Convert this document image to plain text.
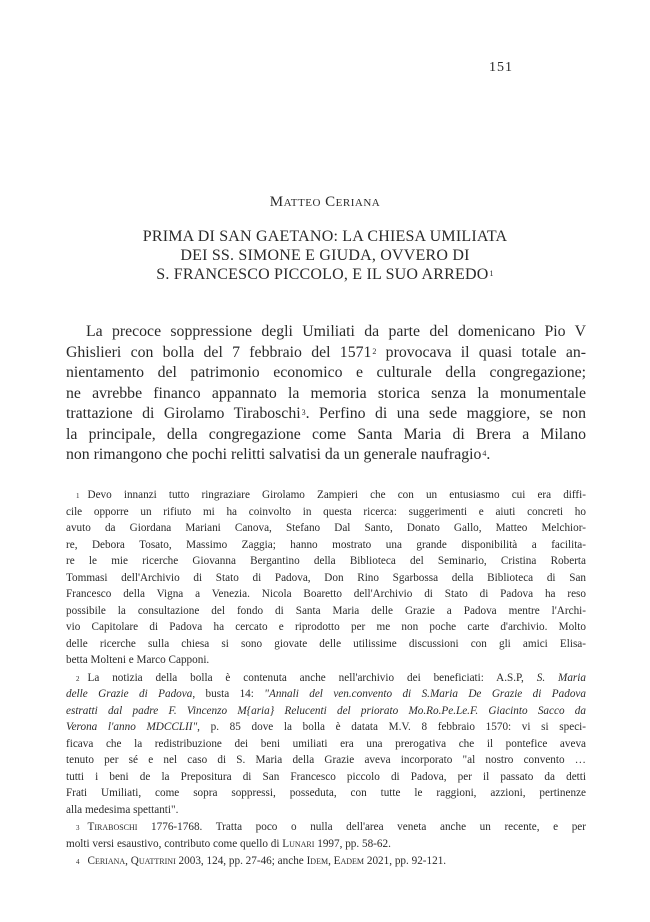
151
Matteo Ceriana
PRIMA DI SAN GAETANO: LA CHIESA UMILIATA
DEI SS. SIMONE E GIUDA, OVVERO DI
S. FRANCESCO PICCOLO, E IL SUO ARREDO$^1$
La precoce soppressione degli Umiliati da parte del domenicano Pio V
Ghislieri con bolla del 7 febbraio del 1571$^2$ provocava il quasi totale an-
nientamento del patrimonio economico e culturale della congregazione;
ne avrebbe financo appannato la memoria storica senza la monumentale
trattazione di Girolamo Tiraboschi$^3$. Perfino di una sede maggiore, se non
la principale, della congregazione come Santa Maria di Brera a Milano
non rimangono che pochi relitti salvatisi da un generale naufragio$^4$.
$^1$ Devo innanzi tutto ringraziare Girolamo Zampieri che con un entusiasmo cui era diffi-
cile opporre un rifiuto mi ha coinvolto in questa ricerca: suggerimenti e aiuti concreti ho
avuto da Giordana Mariani Canova, Stefano Dal Santo, Donato Gallo, Matteo Melchior-
re, Debora Tosato, Massimo Zaggia; hanno mostrato una grande disponibilità a facilita-
re le mie ricerche Giovanna Bergantino della Biblioteca del Seminario, Cristina Roberta
Tommasi dell'Archivio di Stato di Padova, Don Rino Sgarbossa della Biblioteca di San
Francesco della Vigna a Venezia. Nicola Boaretto dell'Archivio di Stato di Padova ha reso
possibile la consultazione del fondo di Santa Maria delle Grazie a Padova mentre l'Archi-
vio Capitolare di Padova ha cercato e riprodotto per me non poche carte d'archivio. Molto
delle ricerche sulla chiesa si sono giovate delle utilissime discussioni con gli amici Elisa-
betta Molteni e Marco Capponi.
$^2$ La notizia della bolla è contenuta anche nell'archivio dei beneficiati: A.S.P, S. Maria
delle Grazie di Padova, busta 14: "Annali del ven.convento di S.Maria De Grazie di Padova
estratti dal padre F. Vincenzo M{aria} Relucenti del priorato Mo.Ro.Pe.Le.F. Giacinto Sacco da
Verona l'anno MDCCLII", p. 85 dove la bolla è datata M.V. 8 febbraio 1570: vi si speci-
ficava che la redistribuzione dei beni umiliati era una prerogativa che il pontefice aveva
tenuto per sé e nel caso di S. Maria della Grazie aveva incorporato "al nostro convento …
tutti i beni de la Prepositura di San Francesco piccolo di Padova, per il passato da detti
Frati Umiliati, come sopra soppressi, posseduta, con tutte le raggioni, azzioni, pertinenze
alla medesima spettanti".
$^3$ Tiraboschi 1776-1768. Tratta poco o nulla dell'area veneta anche un recente, e per
molti versi esaustivo, contributo come quello di Lunari 1997, pp. 58-62.
$^4$ Ceriana, Quattrini 2003, 124, pp. 27-46; anche Idem, Eadem 2021, pp. 92-121.
